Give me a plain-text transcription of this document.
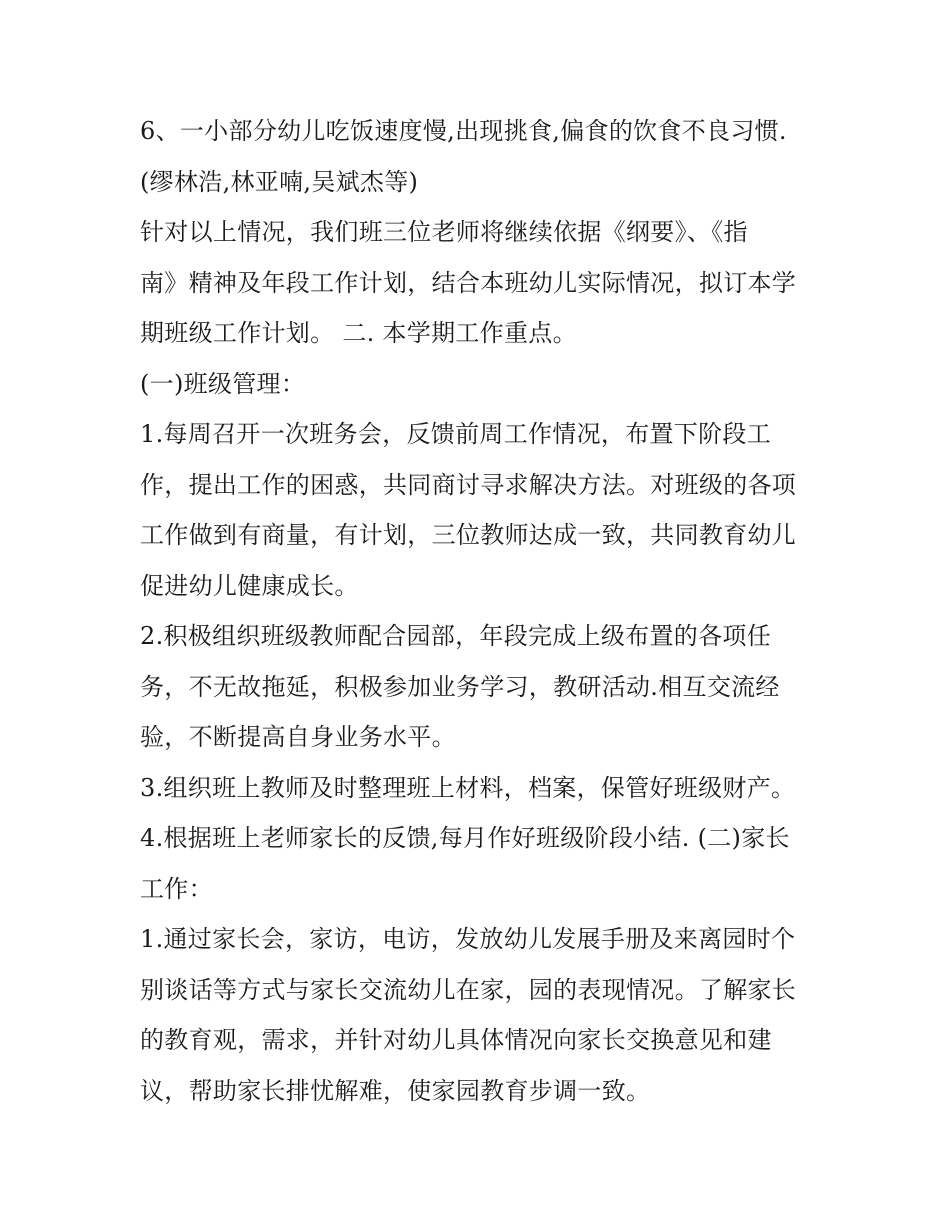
6、一小部分幼儿吃饭速度慢,出现挑食,偏食的饮食不良习惯.
(缪林浩,林亚喃,吴斌杰等)
针对以上情况，我们班三位老师将继续依据《纲要》、《指
南》精神及年段工作计划，结合本班幼儿实际情况，拟订本学
期班级工作计划。 二. 本学期工作重点。
(一)班级管理：
1.每周召开一次班务会，反馈前周工作情况，布置下阶段工
作，提出工作的困惑，共同商讨寻求解决方法。对班级的各项
工作做到有商量，有计划，三位教师达成一致，共同教育幼儿
促进幼儿健康成长。
2.积极组织班级教师配合园部，年段完成上级布置的各项任
务，不无故拖延，积极参加业务学习，教研活动.相互交流经
验，不断提高自身业务水平。
3.组织班上教师及时整理班上材料，档案，保管好班级财产。
4.根据班上老师家长的反馈,每月作好班级阶段小结. (二)家长
工作：
1.通过家长会，家访，电访，发放幼儿发展手册及来离园时个
别谈话等方式与家长交流幼儿在家，园的表现情况。了解家长
的教育观，需求，并针对幼儿具体情况向家长交换意见和建
议，帮助家长排忧解难，使家园教育步调一致。
